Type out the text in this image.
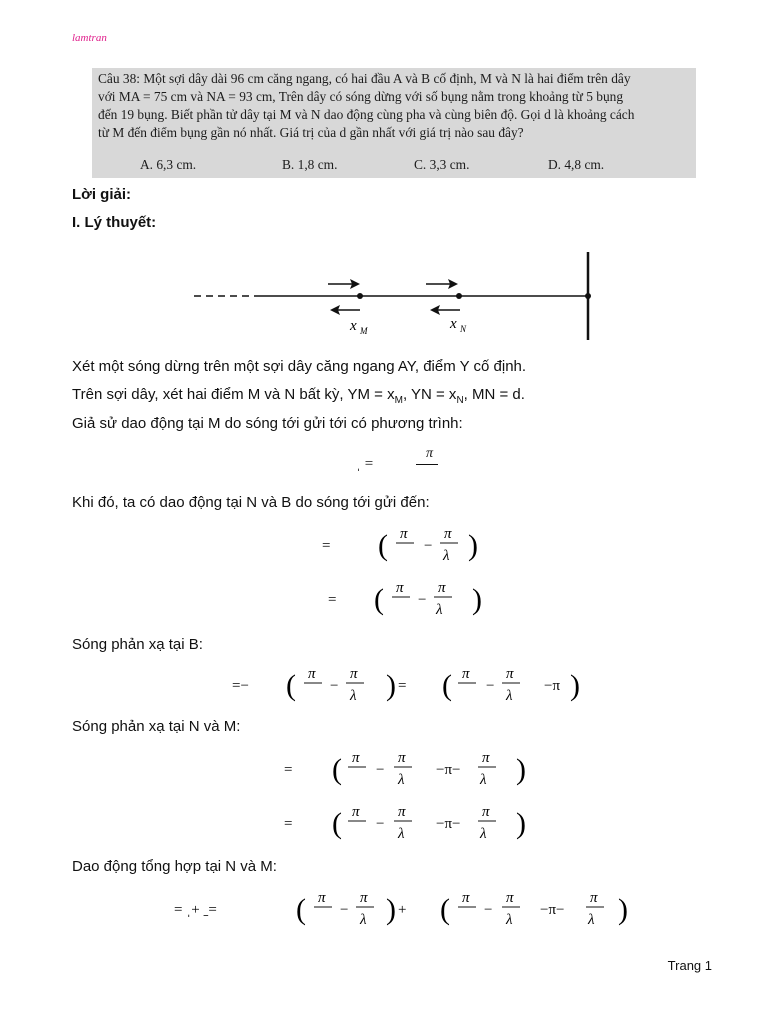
lamtran
Câu 38: Một sợi dây dài 96 cm căng ngang, có hai đầu A và B cố định, M và N là hai điểm trên dây
với MA = 75 cm và NA = 93 cm, Trên dây có sóng dừng với số bụng nằm trong khoảng từ 5 bụng
đến 19 bụng. Biết phần tử dây tại M và N dao động cùng pha và cùng biên độ. Gọi d là khoảng cách
từ M đến điểm bụng gần nó nhất. Giá trị của d gần nhất với giá trị nào sau đây?
A. 6,3 cm.	B. 1,8 cm.	C. 3,3 cm.	D. 4,8 cm.
Lời giải:
I. Lý thuyết:
x M	x N
Xét một sóng dừng trên một sợi dây căng ngang AY, điểm Y cố định.
Trên sợi dây, xét hai điểm M và N bất kỳ, YM = $x_M$, YN = $x_N$, MN = d.
Giả sử dao động tại M do sóng tới gửi tới có phương trình:
ˌ =
π
Khi đó, ta có dao động tại N và B do sóng tới gửi đến:
= ( π
−
π
λ )
= ( π
−
π
λ )
=− ( π
−
π
λ ) = ( π
−
π
λ
−π )
= ( π
−
π
λ
−π−
π
λ )
= ( π
−
π
λ
−π−
π
λ )
= ˌ+ ˍ=	( π
−
π
λ ) + ( π
−
π
λ
−π−
π
λ )
Sóng phản xạ tại B:
Sóng phản xạ tại N và M:
Dao động tổng hợp tại N và M:
Trang 1
